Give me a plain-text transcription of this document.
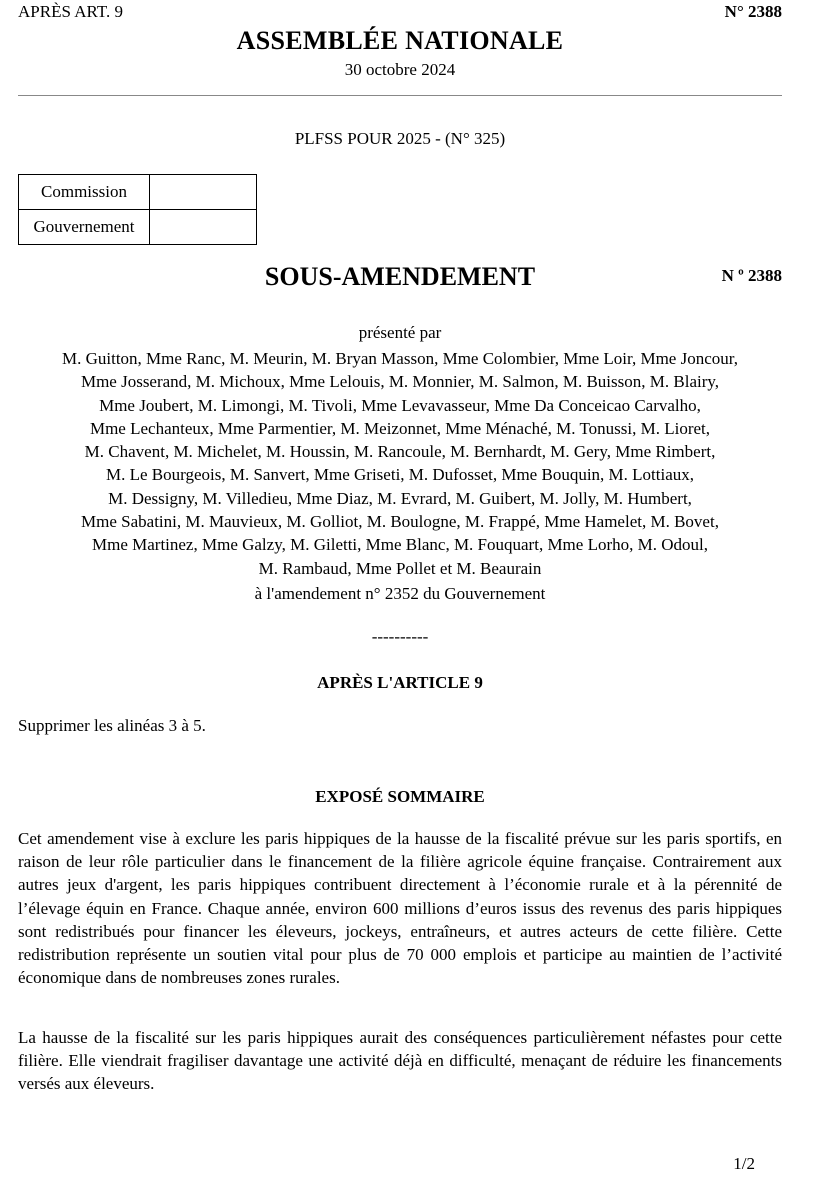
APRÈS ART. 9	N° 2388
ASSEMBLÉE NATIONALE
30 octobre 2024
PLFSS POUR 2025 - (N° 325)
Commission	
Gouvernement	
SOUS-AMENDEMENT	N º 2388
présenté par
M. Guitton, Mme Ranc, M. Meurin, M. Bryan Masson, Mme Colombier, Mme Loir, Mme Joncour,
Mme Josserand, M. Michoux, Mme Lelouis, M. Monnier, M. Salmon, M. Buisson, M. Blairy,
Mme Joubert, M. Limongi, M. Tivoli, Mme Levavasseur, Mme Da Conceicao Carvalho,
Mme Lechanteux, Mme Parmentier, M. Meizonnet, Mme Ménaché, M. Tonussi, M. Lioret,
M. Chavent, M. Michelet, M. Houssin, M. Rancoule, M. Bernhardt, M. Gery, Mme Rimbert,
M. Le Bourgeois, M. Sanvert, Mme Griseti, M. Dufosset, Mme Bouquin, M. Lottiaux,
M. Dessigny, M. Villedieu, Mme Diaz, M. Evrard, M. Guibert, M. Jolly, M. Humbert,
Mme Sabatini, M. Mauvieux, M. Golliot, M. Boulogne, M. Frappé, Mme Hamelet, M. Bovet,
Mme Martinez, Mme Galzy, M. Giletti, Mme Blanc, M. Fouquart, Mme Lorho, M. Odoul,
M. Rambaud, Mme Pollet et M. Beaurain
à l'amendement n° 2352 du Gouvernement
----------
APRÈS L'ARTICLE 9
Supprimer les alinéas 3 à 5.
EXPOSÉ SOMMAIRE
Cet amendement vise à exclure les paris hippiques de la hausse de la fiscalité prévue sur les paris sportifs, en raison de leur rôle particulier dans le financement de la filière agricole équine française. Contrairement aux autres jeux d'argent, les paris hippiques contribuent directement à l’économie rurale et à la pérennité de l’élevage équin en France. Chaque année, environ 600 millions d’euros issus des revenus des paris hippiques sont redistribués pour financer les éleveurs, jockeys, entraîneurs, et autres acteurs de cette filière. Cette redistribution représente un soutien vital pour plus de 70 000 emplois et participe au maintien de l’activité économique dans de nombreuses zones rurales.
La hausse de la fiscalité sur les paris hippiques aurait des conséquences particulièrement néfastes pour cette filière. Elle viendrait fragiliser davantage une activité déjà en difficulté, menaçant de réduire les financements versés aux éleveurs.
1/2
